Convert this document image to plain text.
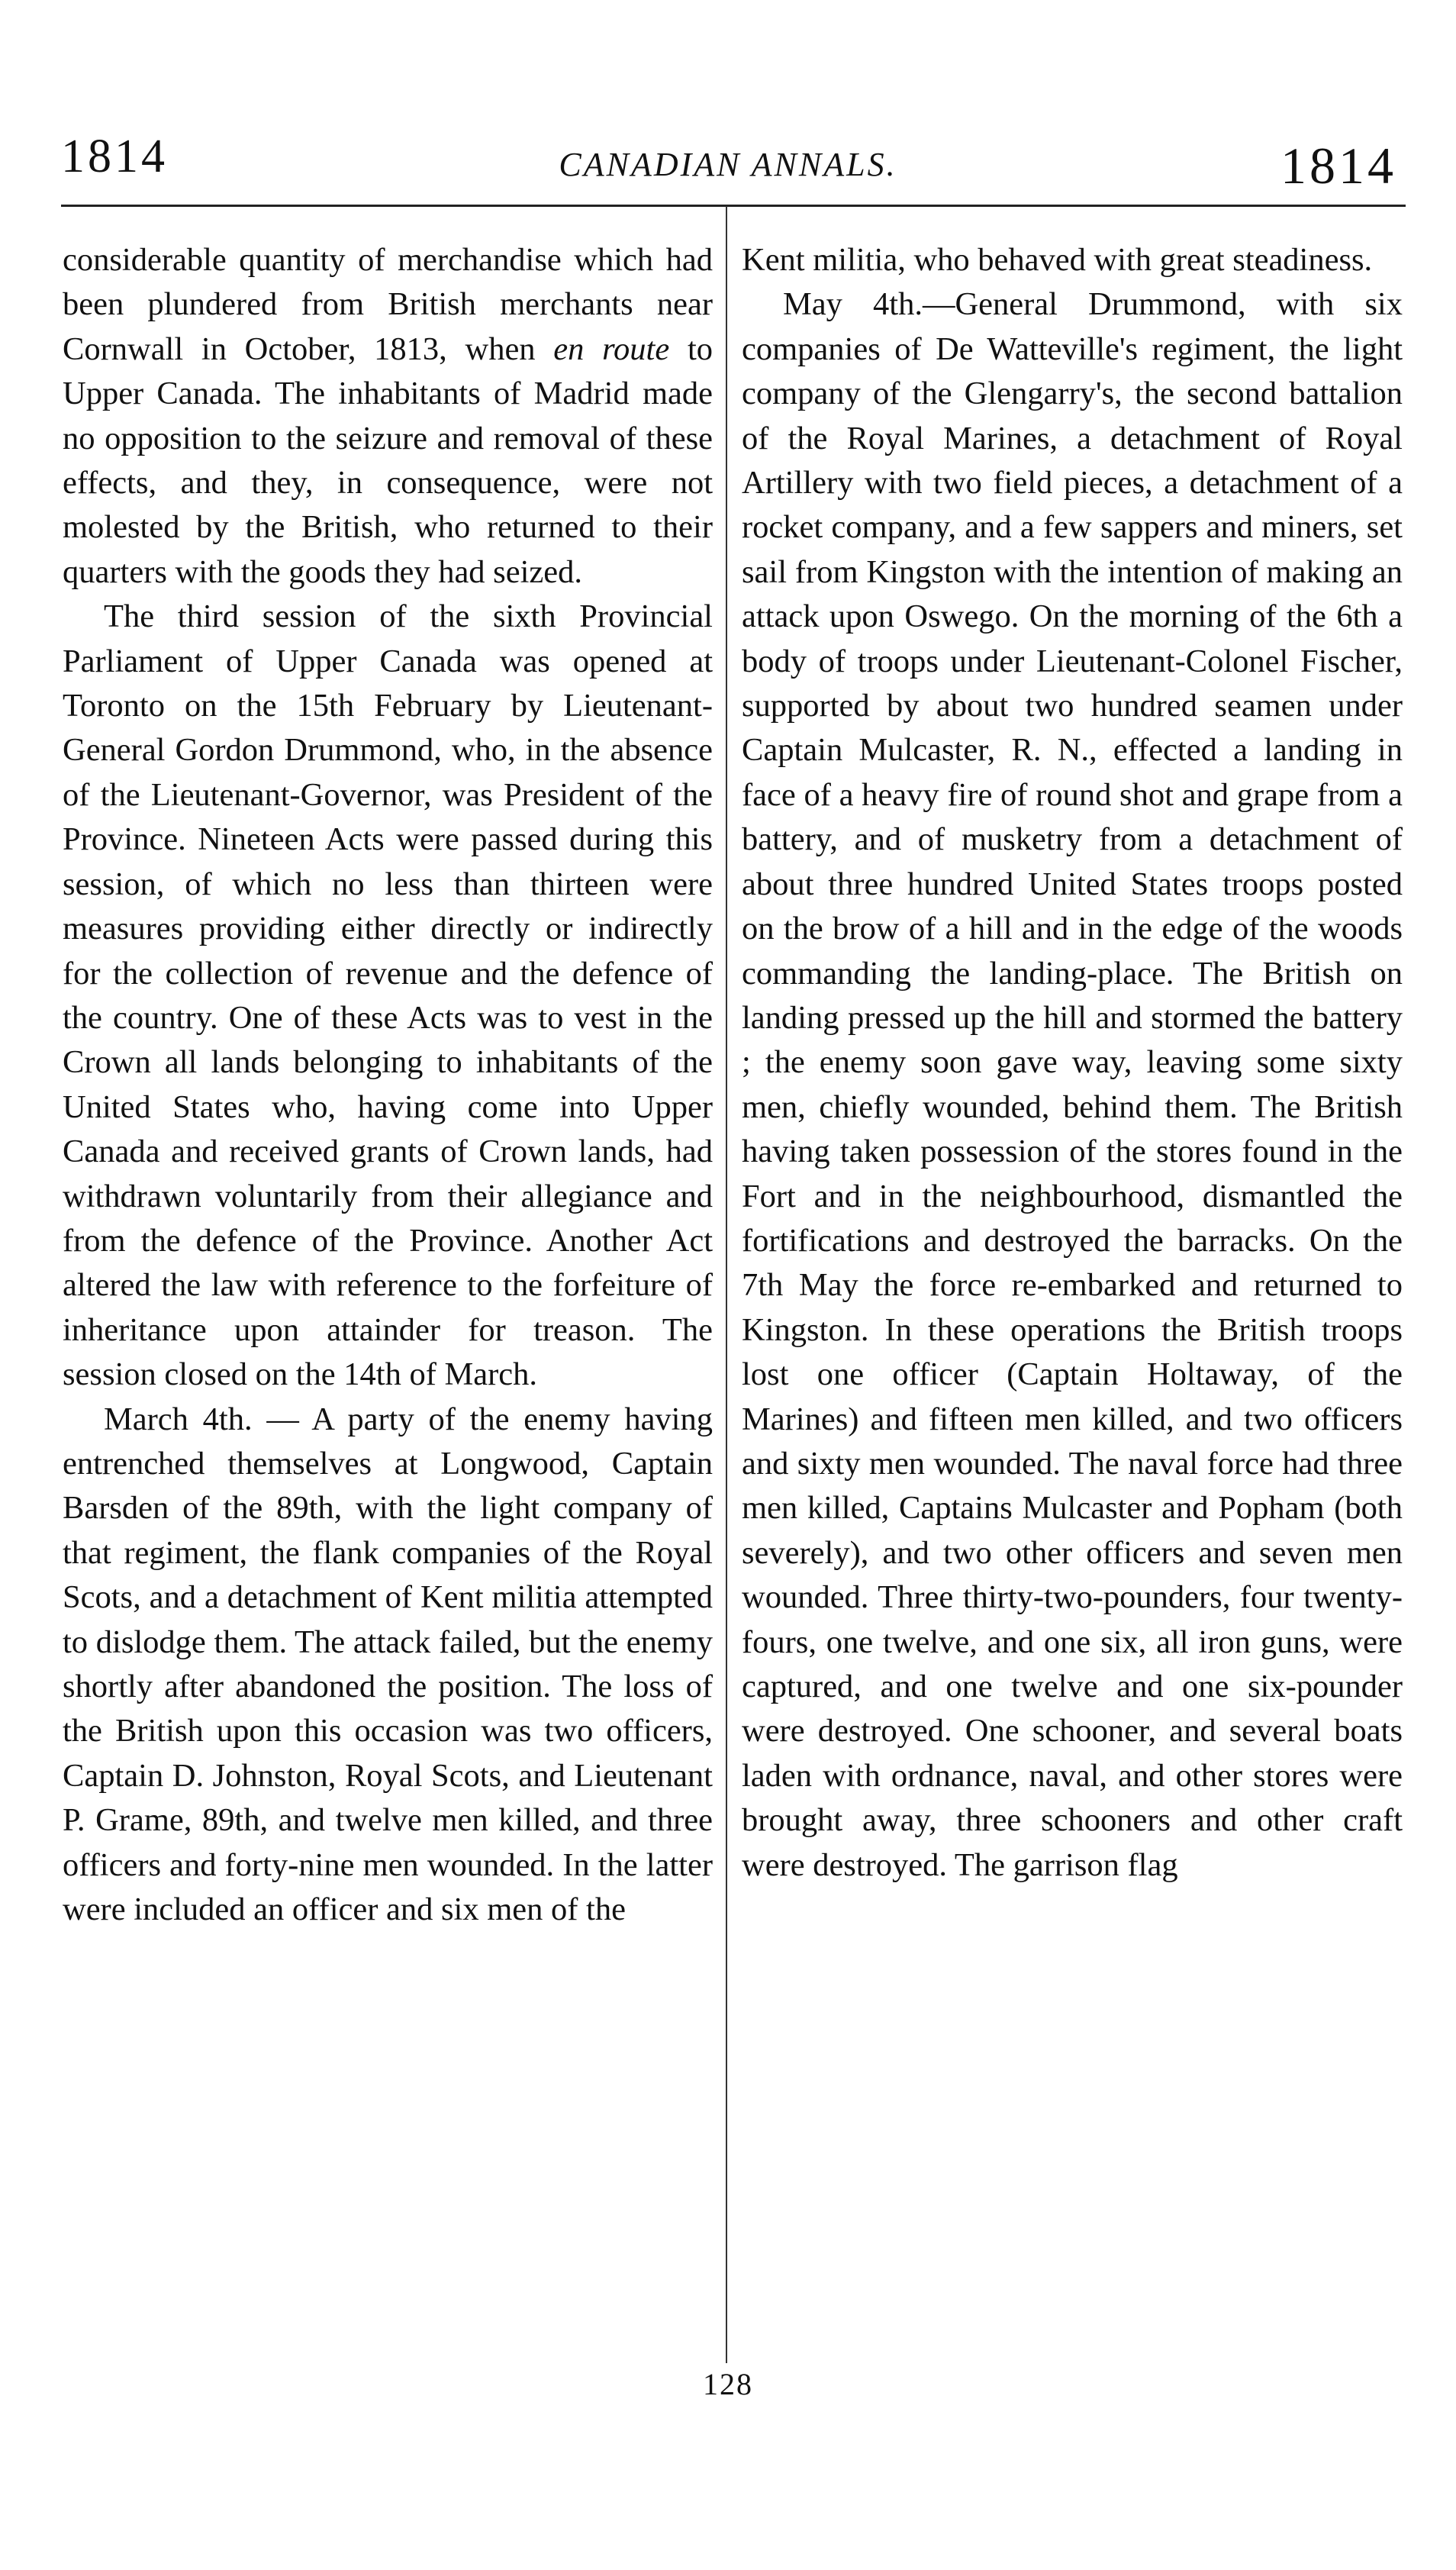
1814	CANADIAN ANNALS.	1814

considerable quantity of merchandise which had been plundered from British merchants near Cornwall in October, 1813, when en route to Upper Canada. The inhabitants of Madrid made no opposition to the seizure and removal of these effects, and they, in consequence, were not molested by the British, who returned to their quarters with the goods they had seized.

The third session of the sixth Provincial Parliament of Upper Canada was opened at Toronto on the 15th February by Lieutenant-General Gordon Drummond, who, in the absence of the Lieutenant-Governor, was President of the Province. Nineteen Acts were passed during this session, of which no less than thirteen were measures providing either directly or indirectly for the collection of revenue and the defence of the country. One of these Acts was to vest in the Crown all lands belonging to inhabitants of the United States who, having come into Upper Canada and received grants of Crown lands, had withdrawn voluntarily from their allegiance and from the defence of the Province. Another Act altered the law with reference to the forfeiture of inheritance upon attainder for treason. The session closed on the 14th of March.

March 4th. — A party of the enemy having entrenched themselves at Longwood, Captain Barsden of the 89th, with the light company of that regiment, the flank companies of the Royal Scots, and a detachment of Kent militia attempted to dislodge them. The attack failed, but the enemy shortly after abandoned the position. The loss of the British upon this occasion was two officers, Captain D. Johnston, Royal Scots, and Lieutenant P. Grame, 89th, and twelve men killed, and three officers and forty-nine men wounded. In the latter were included an officer and six men of the

Kent militia, who behaved with great steadiness.

May 4th.—General Drummond, with six companies of De Watteville's regiment, the light company of the Glengarry's, the second battalion of the Royal Marines, a detachment of Royal Artillery with two field pieces, a detachment of a rocket company, and a few sappers and miners, set sail from Kingston with the intention of making an attack upon Oswego. On the morning of the 6th a body of troops under Lieutenant-Colonel Fischer, supported by about two hundred seamen under Captain Mulcaster, R. N., effected a landing in face of a heavy fire of round shot and grape from a battery, and of musketry from a detachment of about three hundred United States troops posted on the brow of a hill and in the edge of the woods commanding the landing-place. The British on landing pressed up the hill and stormed the battery ; the enemy soon gave way, leaving some sixty men, chiefly wounded, behind them. The British having taken possession of the stores found in the Fort and in the neighbourhood, dismantled the fortifications and destroyed the barracks. On the 7th May the force re-embarked and returned to Kingston. In these operations the British troops lost one officer (Captain Holtaway, of the Marines) and fifteen men killed, and two officers and sixty men wounded. The naval force had three men killed, Captains Mulcaster and Popham (both severely), and two other officers and seven men wounded. Three thirty-two-pounders, four twenty-fours, one twelve, and one six, all iron guns, were captured, and one twelve and one six-pounder were destroyed. One schooner, and several boats laden with ordnance, naval, and other stores were brought away, three schooners and other craft were destroyed. The garrison flag

128
